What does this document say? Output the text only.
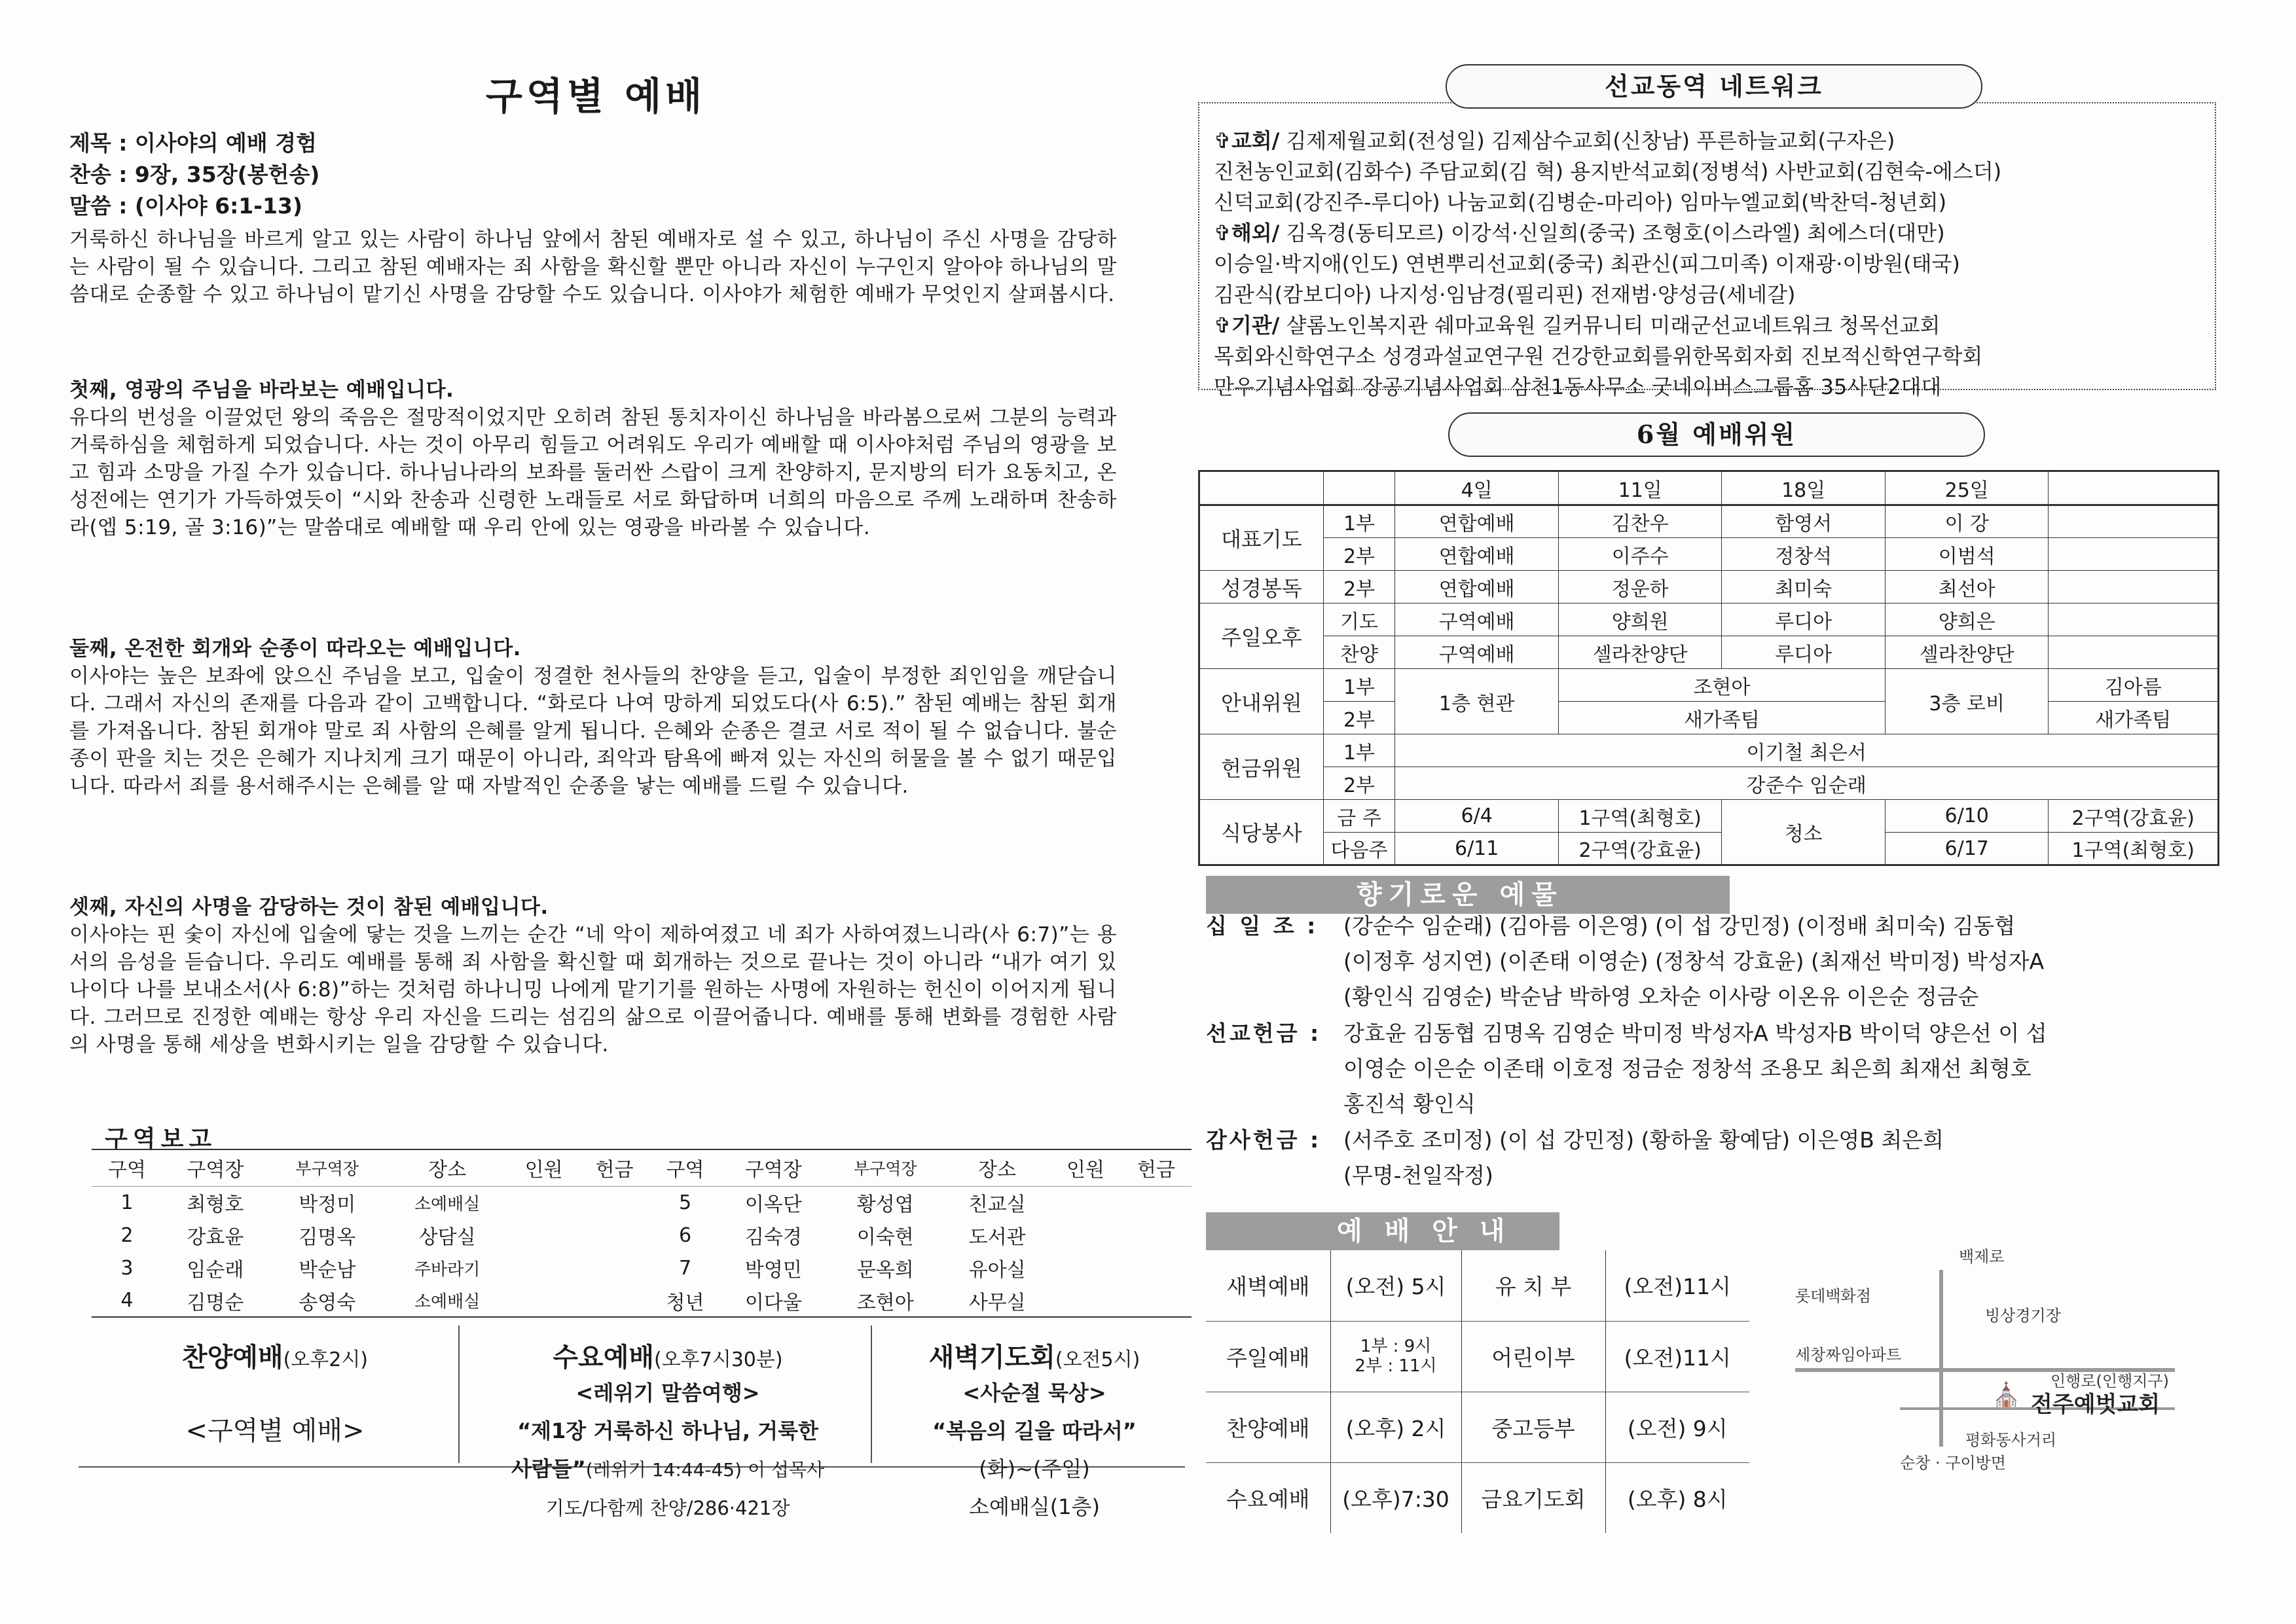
구역별 예배
제목 : 이사야의 예배 경험
찬송 : 9장, 35장(봉헌송)
말씀 : (이사야 6:1-13)
거룩하신 하나님을 바르게 알고 있는 사람이 하나님 앞에서 참된 예배자로 설 수 있고, 하나님이 주신 사명을 감당하는 사람이 될 수 있습니다. 그리고 참된 예배자는 죄 사함을 확신할 뿐만 아니라 자신이 누구인지 알아야 하나님의 말씀대로 순종할 수 있고 하나님이 맡기신 사명을 감당할 수도 있습니다. 이사야가 체험한 예배가 무엇인지 살펴봅시다.
첫째, 영광의 주님을 바라보는 예배입니다.
유다의 번성을 이끌었던 왕의 죽음은 절망적이었지만 오히려 참된 통치자이신 하나님을 바라봄으로써 그분의 능력과 거룩하심을 체험하게 되었습니다. 사는 것이 아무리 힘들고 어려워도 우리가 예배할 때 이사야처럼 주님의 영광을 보고 힘과 소망을 가질 수가 있습니다. 하나님나라의 보좌를 둘러싼 스랍이 크게 찬양하지, 문지방의 터가 요동치고, 온 성전에는 연기가 가득하였듯이 “시와 찬송과 신령한 노래들로 서로 화답하며 너희의 마음으로 주께 노래하며 찬송하라(엡 5:19, 골 3:16)”는 말씀대로 예배할 때 우리 안에 있는 영광을 바라볼 수 있습니다.
둘째, 온전한 회개와 순종이 따라오는 예배입니다.
이사야는 높은 보좌에 앉으신 주님을 보고, 입술이 정결한 천사들의 찬양을 듣고, 입술이 부정한 죄인임을 깨닫습니다. 그래서 자신의 존재를 다음과 같이 고백합니다. “화로다 나여 망하게 되었도다(사 6:5).” 참된 예배는 참된 회개를 가져옵니다. 참된 회개야 말로 죄 사함의 은혜를 알게 됩니다. 은혜와 순종은 결코 서로 적이 될 수 없습니다. 불순종이 판을 치는 것은 은혜가 지나치게 크기 때문이 아니라, 죄악과 탐욕에 빠져 있는 자신의 허물을 볼 수 없기 때문입니다. 따라서 죄를 용서해주시는 은혜를 알 때 자발적인 순종을 낳는 예배를 드릴 수 있습니다.
셋째, 자신의 사명을 감당하는 것이 참된 예배입니다.
이사야는 핀 숯이 자신에 입술에 닿는 것을 느끼는 순간 “네 악이 제하여졌고 네 죄가 사하여졌느니라(사 6:7)”는 용서의 음성을 듣습니다. 우리도 예배를 통해 죄 사함을 확신할 때 회개하는 것으로 끝나는 것이 아니라 “내가 여기 있나이다 나를 보내소서(사 6:8)”하는 것처럼 하나니밍 나에게 맡기기를 원하는 사명에 자원하는 헌신이 이어지게 됩니다. 그러므로 진정한 예배는 항상 우리 자신을 드리는 섬김의 삶으로 이끌어줍니다. 예배를 통해 변화를 경험한 사람의 사명을 통해 세상을 변화시키는 일을 감당할 수 있습니다.
구역보고
구역	구역장	부구역장	장소	인원	헌금	구역	구역장	부구역장	장소	인원	헌금
1	최형호	박정미	소예배실			5	이옥단	황성엽	친교실		
2	강효윤	김명옥	상담실			6	김숙경	이숙현	도서관		
3	임순래	박순남	주바라기			7	박영민	문옥희	유아실		
4	김명순	송영숙	소예배실			청년	이다울	조현아	사무실		
찬양예배(오후2시)
<구역별 예배>
수요예배(오후7시30분)
<레위기 말씀여행>
“제1장 거룩하신 하나님, 거룩한
사람들”(레위기 14:44-45) 이 섭목사
기도/다함께 찬양/286·421장
새벽기도회(오전5시)
<사순절 묵상>
“복음의 길을 따라서”
(화)~(주일)
소예배실(1층)
✞교회/ 김제제월교회(전성일) 김제삼수교회(신창남) 푸른하늘교회(구자은)
진천농인교회(김화수) 주담교회(김 혁) 용지반석교회(정병석) 사반교회(김현숙-에스더)
신덕교회(강진주-루디아) 나눔교회(김병순-마리아) 임마누엘교회(박찬덕-청년회)
✞해외/ 김옥경(동티모르) 이강석·신일희(중국) 조형호(이스라엘) 최에스더(대만)
이승일·박지애(인도) 연변뿌리선교회(중국) 최관신(피그미족) 이재광·이방원(태국)
김관식(캄보디아) 나지성·임남경(필리핀) 전재범·양성금(세네갈)
✞기관/ 샬롬노인복지관 쉐마교육원 길커뮤니티 미래군선교네트워크 청목선교회
목회와신학연구소 성경과설교연구원 건강한교회를위한목회자회 진보적신학연구학회
만우기념사업회 장공기념사업회 삼천1동사무소 굿네이버스그룹홈 35사단2대대
선교동역 네트워크
6월 예배위원
		4일	11일	18일	25일	
대표기도	1부	연합예배	김찬우	함영서	이 강	
	2부	연합예배	이주수	정창석	이범석	
성경봉독	2부	연합예배	정운하	최미숙	최선아	
주일오후	기도	구역예배	양희원	루디아	양희은	
	찬양	구역예배	셀라찬양단	루디아	셀라찬양단	
안내위원	1부	1층 현관	조현아		3층 로비	김아름
	2부		새가족팀			새가족팀
헌금위원	1부	이기철 최은서				
	2부	강준수 임순래				
식당봉사	금 주	6/4	1구역(최형호)	청소	6/10	2구역(강효윤)
	다음주	6/11	2구역(강효윤)		6/17	1구역(최형호)
향기로운 예물
십 일 조 :	(강순수 임순래) (김아름 이은영) (이 섭 강민정) (이정배 최미숙) 김동협
(이정후 성지연) (이존태 이영순) (정창석 강효윤) (최재선 박미정) 박성자A
(황인식 김영순) 박순남 박하영 오차순 이사랑 이온유 이은순 정금순
선교헌금 :	강효윤 김동협 김명옥 김영순 박미정 박성자A 박성자B 박이덕 양은선 이 섭
이영순 이은순 이존태 이호정 정금순 정창석 조용모 최은희 최재선 최형호
홍진석 황인식
감사헌금 :	(서주호 조미정) (이 섭 강민정) (황하울 황예담) 이은영B 최은희
(무명-천일작정)
예 배 안 내
새벽예배	(오전) 5시	유 치 부	(오전)11시
주일예배	1부 : 9시
2부 : 11시	어린이부	(오전)11시
찬양예배	(오후) 2시	중고등부	(오전) 9시
수요예배	(오후)7:30	금요기도회	(오후) 8시
백제로
롯데백화점
빙상경기장
세창짜임아파트
인행로(인행지구)
전주예벗교회
평화동사거리
순창 · 구이방면
⛪
